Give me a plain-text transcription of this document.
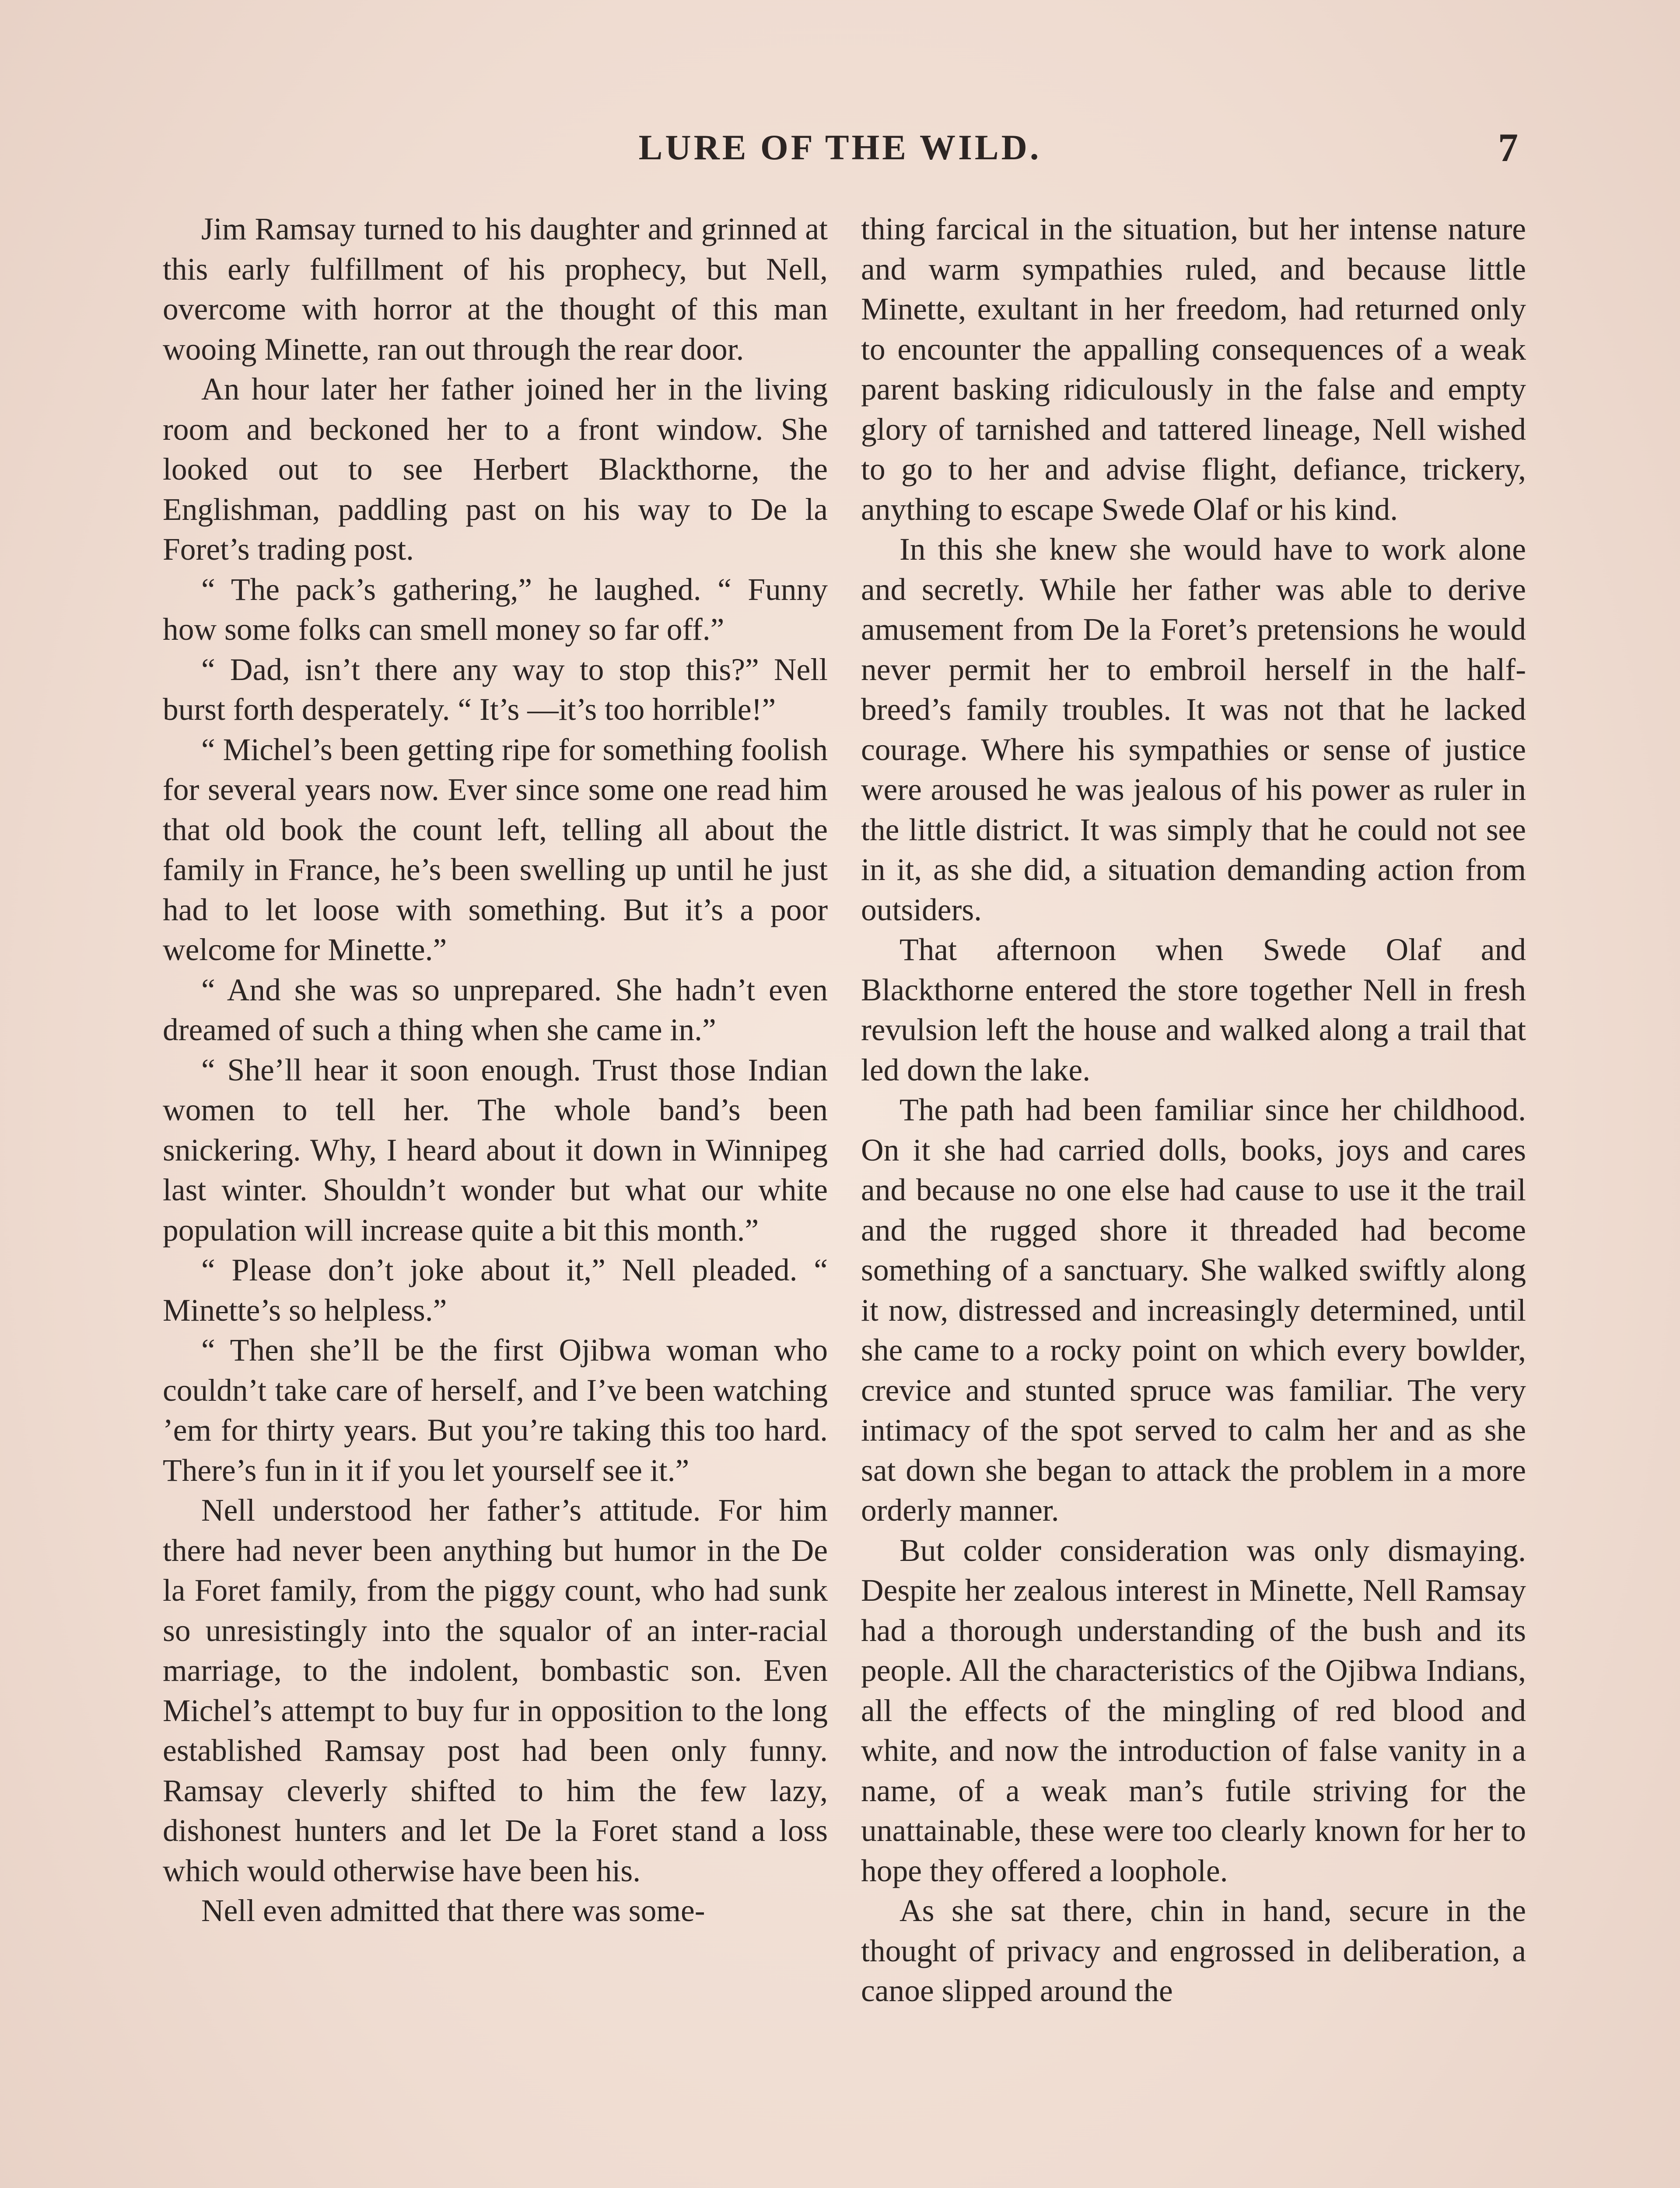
LURE OF THE WILD.	7

Jim Ramsay turned to his daughter and grinned at this early fulfillment of his prophecy, but Nell, overcome with horror at the thought of this man wooing Minette, ran out through the rear door.

An hour later her father joined her in the living room and beckoned her to a front window. She looked out to see Herbert Blackthorne, the Englishman, paddling past on his way to De la Foret’s trading post.

“ The pack’s gathering,” he laughed. “ Funny how some folks can smell money so far off.”

“ Dad, isn’t there any way to stop this?” Nell burst forth desperately. “ It’s —it’s too horrible!”

“ Michel’s been getting ripe for something foolish for several years now. Ever since some one read him that old book the count left, telling all about the family in France, he’s been swelling up until he just had to let loose with something. But it’s a poor welcome for Minette.”

“ And she was so unprepared. She hadn’t even dreamed of such a thing when she came in.”

“ She’ll hear it soon enough. Trust those Indian women to tell her. The whole band’s been snickering. Why, I heard about it down in Winnipeg last winter. Shouldn’t wonder but what our white population will increase quite a bit this month.”

“ Please don’t joke about it,” Nell pleaded. “ Minette’s so helpless.”

“ Then she’ll be the first Ojibwa woman who couldn’t take care of herself, and I’ve been watching ’em for thirty years. But you’re taking this too hard. There’s fun in it if you let yourself see it.”

Nell understood her father’s attitude. For him there had never been anything but humor in the De la Foret family, from the piggy count, who had sunk so unresistingly into the squalor of an inter-racial marriage, to the indolent, bombastic son. Even Michel’s attempt to buy fur in opposition to the long established Ramsay post had been only funny. Ramsay cleverly shifted to him the few lazy, dishonest hunters and let De la Foret stand a loss which would otherwise have been his.

Nell even admitted that there was some-

thing farcical in the situation, but her intense nature and warm sympathies ruled, and because little Minette, exultant in her freedom, had returned only to encounter the appalling consequences of a weak parent basking ridiculously in the false and empty glory of tarnished and tattered lineage, Nell wished to go to her and advise flight, defiance, trickery, anything to escape Swede Olaf or his kind.

In this she knew she would have to work alone and secretly. While her father was able to derive amusement from De la Foret’s pretensions he would never permit her to embroil herself in the half-breed’s family troubles. It was not that he lacked courage. Where his sympathies or sense of justice were aroused he was jealous of his power as ruler in the little district. It was simply that he could not see in it, as she did, a situation demanding action from outsiders.

That afternoon when Swede Olaf and Blackthorne entered the store together Nell in fresh revulsion left the house and walked along a trail that led down the lake.

The path had been familiar since her childhood. On it she had carried dolls, books, joys and cares and because no one else had cause to use it the trail and the rugged shore it threaded had become something of a sanctuary. She walked swiftly along it now, distressed and increasingly determined, until she came to a rocky point on which every bowlder, crevice and stunted spruce was familiar. The very intimacy of the spot served to calm her and as she sat down she began to attack the problem in a more orderly manner.

But colder consideration was only dismaying. Despite her zealous interest in Minette, Nell Ramsay had a thorough understanding of the bush and its people. All the characteristics of the Ojibwa Indians, all the effects of the mingling of red blood and white, and now the introduction of false vanity in a name, of a weak man’s futile striving for the unattainable, these were too clearly known for her to hope they offered a loophole.

As she sat there, chin in hand, secure in the thought of privacy and engrossed in deliberation, a canoe slipped around the
